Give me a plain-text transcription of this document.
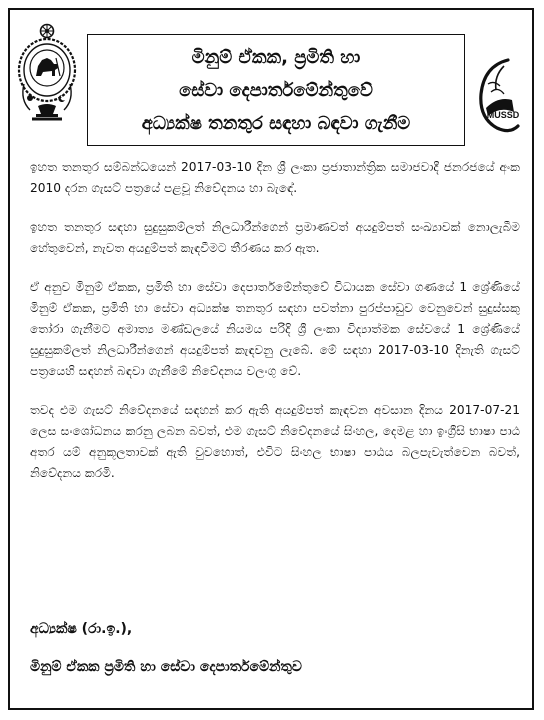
මිනුම් ඒකක, ප්‍රමිති හා
සේවා දෙපාර්තමේන්තුවේ
අධ්‍යක්ෂ තනතුර සඳහා බඳවා ගැනීම	MUSSD

ඉහත තනතුර සම්බන්ධයෙන් 2017-03-10 දින ශ්‍රී ලංකා ප්‍රජාතාන්ත්‍රික සමාජවාදී ජනරජයේ අංක 2010 දරන ගැසට් පත්‍රයේ පළවූ නිවේදනය හා බැඳේ.

ඉහත තනතුර සඳහා සුදුසුකම්ලත් නිලධාරීන්ගෙන් ප්‍රමාණවත් අයදුම්පත් සංඛ්‍යාවක් නොලැබීම හේතුවෙන්, නැවත අයදුම්පත් කැඳවීමට තීරණය කර ඇත.

ඒ අනුව මිනුම් ඒකක, ප්‍රමිති හා සේවා දෙපාර්තමේන්තුවේ විධායක සේවා ගණයේ 1 ශ්‍රේණියේ මිනුම් ඒකක, ප්‍රමිති හා සේවා අධ්‍යක්ෂ තනතුර සඳහා පවත්නා පුරප්පාඩුව වෙනුවෙන් සුදුස්සකු තෝරා ගැනීමට අමාත්‍ය මණ්ඩලයේ නියමය පරිදි ශ්‍රී ලංකා විද්‍යාත්මක සේවයේ 1 ශ්‍රේණියේ සුදුසුකම්ලත් නිලධාරීන්ගෙන් අයදුම්පත් කැඳවනු ලැබේ. මේ සඳහා 2017-03-10 දිනැති ගැසට් පත්‍රයෙහි සඳහන් බඳවා ගැනීමේ නිවේදනය වලංගු වේ.

තවද එම ගැසට් නිවේදනයේ සඳහන් කර ඇති අයදුම්පත් කැඳවන අවසාන දිනය 2017-07-21 ලෙස සංශෝධනය කරනු ලබන බවත්, එම ගැසට් නිවේදනයේ සිංහල, දෙමළ හා ඉංග්‍රීසි භාෂා පාඨ අතර යම් අනුකූලතාවක් ඇති වුවහොත්, එවිට සිංහල භාෂා පාඨය බලපැවැත්වෙන බවත්, නිවේදනය කරමි.

අධ්‍යක්ෂ (රා.ඉ.),
මිනුම් ඒකක ප්‍රමිති හා සේවා දෙපාර්තමේන්තුව
